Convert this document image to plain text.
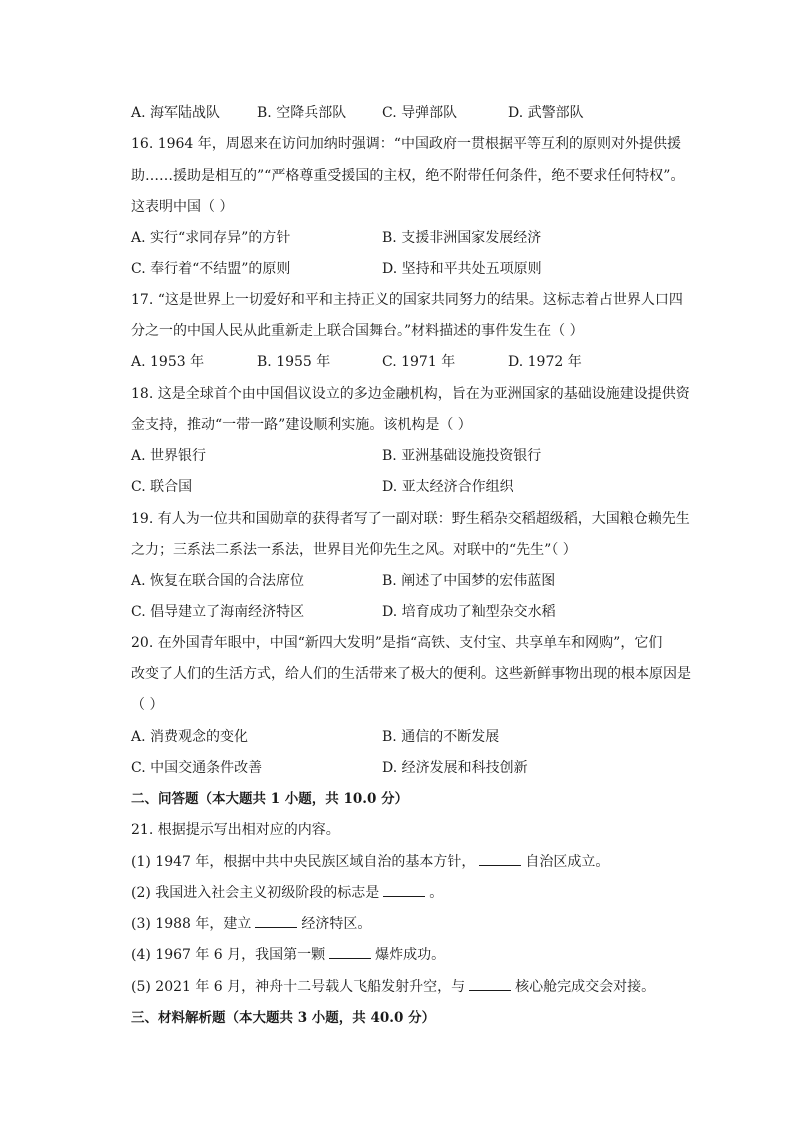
A. 海军陆战队	B. 空降兵部队	C. 导弹部队	D. 武警部队
16. 1964 年，周恩来在访问加纳时强调：“中国政府一贯根据平等互利的原则对外提供援
助……援助是相互的”“严格尊重受援国的主权，绝不附带任何条件，绝不要求任何特权”。
这表明中国（ ）
A. 实行“求同存异”的方针	B. 支援非洲国家发展经济
C. 奉行着“不结盟”的原则	D. 坚持和平共处五项原则
17. “这是世界上一切爱好和平和主持正义的国家共同努力的结果。这标志着占世界人口四
分之一的中国人民从此重新走上联合国舞台。”材料描述的事件发生在（ ）
A. 1953 年	B. 1955 年	C. 1971 年	D. 1972 年
18. 这是全球首个由中国倡议设立的多边金融机构，旨在为亚洲国家的基础设施建设提供资
金支持，推动“一带一路”建设顺利实施。该机构是（ ）
A. 世界银行	B. 亚洲基础设施投资银行
C. 联合国	D. 亚太经济合作组织
19. 有人为一位共和国勋章的获得者写了一副对联：野生稻杂交稻超级稻，大国粮仓赖先生
之力；三系法二系法一系法，世界目光仰先生之风。对联中的“先生”（ ）
A. 恢复在联合国的合法席位	B. 阐述了中国梦的宏伟蓝图
C. 倡导建立了海南经济特区	D. 培育成功了籼型杂交水稻
20. 在外国青年眼中，中国“新四大发明”是指“高铁、支付宝、共享单车和网购”，它们
改变了人们的生活方式，给人们的生活带来了极大的便利。这些新鲜事物出现的根本原因是
（ ）
A. 消费观念的变化	B. 通信的不断发展
C. 中国交通条件改善	D. 经济发展和科技创新
二、问答题（本大题共 1 小题，共 10.0 分）
21. 根据提示写出相对应的内容。
(1) 1947 年，根据中共中央民族区域自治的基本方针，	自治区成立。
(2) 我国进入社会主义初级阶段的标志是	。
(3) 1988 年，建立	经济特区。
(4) 1967 年 6 月，我国第一颗	爆炸成功。
(5) 2021 年 6 月，神舟十二号载人飞船发射升空，与	核心舱完成交会对接。
三、材料解析题（本大题共 3 小题，共 40.0 分）
